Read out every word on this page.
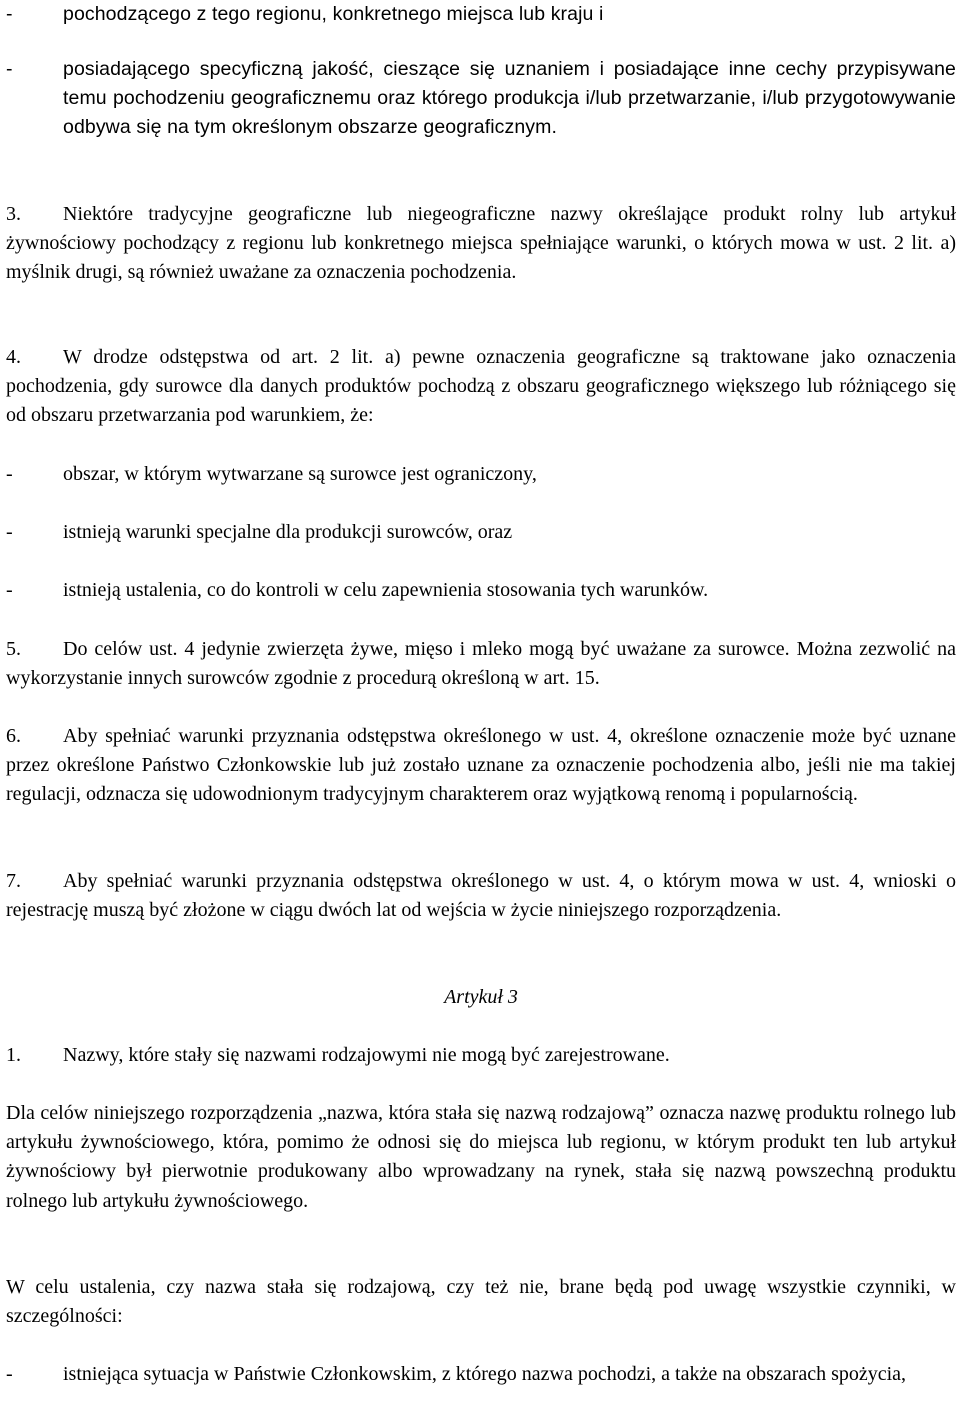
-	pochodzącego z tego regionu, konkretnego miejsca lub kraju i
-	posiadającego specyficzną jakość, cieszące się uznaniem i posiadające inne cechy przypisywane temu pochodzeniu geograficznemu oraz którego produkcja i/lub przetwarzanie, i/lub przygotowywanie odbywa się na tym określonym obszarze geograficznym.

3. Niektóre tradycyjne geograficzne lub niegeograficzne nazwy określające produkt rolny lub artykuł żywnościowy pochodzący z regionu lub konkretnego miejsca spełniające warunki, o których mowa w ust. 2 lit. a) myślnik drugi, są również uważane za oznaczenia pochodzenia.

4. W drodze odstępstwa od art. 2 lit. a) pewne oznaczenia geograficzne są traktowane jako oznaczenia pochodzenia, gdy surowce dla danych produktów pochodzą z obszaru geograficznego większego lub różniącego się od obszaru przetwarzania pod warunkiem, że:

-	obszar, w którym wytwarzane są surowce jest ograniczony,
-	istnieją warunki specjalne dla produkcji surowców, oraz
-	istnieją ustalenia, co do kontroli w celu zapewnienia stosowania tych warunków.

5. Do celów ust. 4 jedynie zwierzęta żywe, mięso i mleko mogą być uważane za surowce. Można zezwolić na wykorzystanie innych surowców zgodnie z procedurą określoną w art. 15.

6. Aby spełniać warunki przyznania odstępstwa określonego w ust. 4, określone oznaczenie może być uznane przez określone Państwo Członkowskie lub już zostało uznane za oznaczenie pochodzenia albo, jeśli nie ma takiej regulacji, odznacza się udowodnionym tradycyjnym charakterem oraz wyjątkową renomą i popularnością.

7. Aby spełniać warunki przyznania odstępstwa określonego w ust. 4, o którym mowa w ust. 4, wnioski o rejestrację muszą być złożone w ciągu dwóch lat od wejścia w życie niniejszego rozporządzenia.

Artykuł 3

1. Nazwy, które stały się nazwami rodzajowymi nie mogą być zarejestrowane.

Dla celów niniejszego rozporządzenia „nazwa, która stała się nazwą rodzajową” oznacza nazwę produktu rolnego lub artykułu żywnościowego, która, pomimo że odnosi się do miejsca lub regionu, w którym produkt ten lub artykuł żywnościowy był pierwotnie produkowany albo wprowadzany na rynek, stała się nazwą powszechną produktu rolnego lub artykułu żywnościowego.

W celu ustalenia, czy nazwa stała się rodzajową, czy też nie, brane będą pod uwagę wszystkie czynniki, w szczególności:

-	istniejąca sytuacja w Państwie Członkowskim, z którego nazwa pochodzi, a także na obszarach spożycia,
